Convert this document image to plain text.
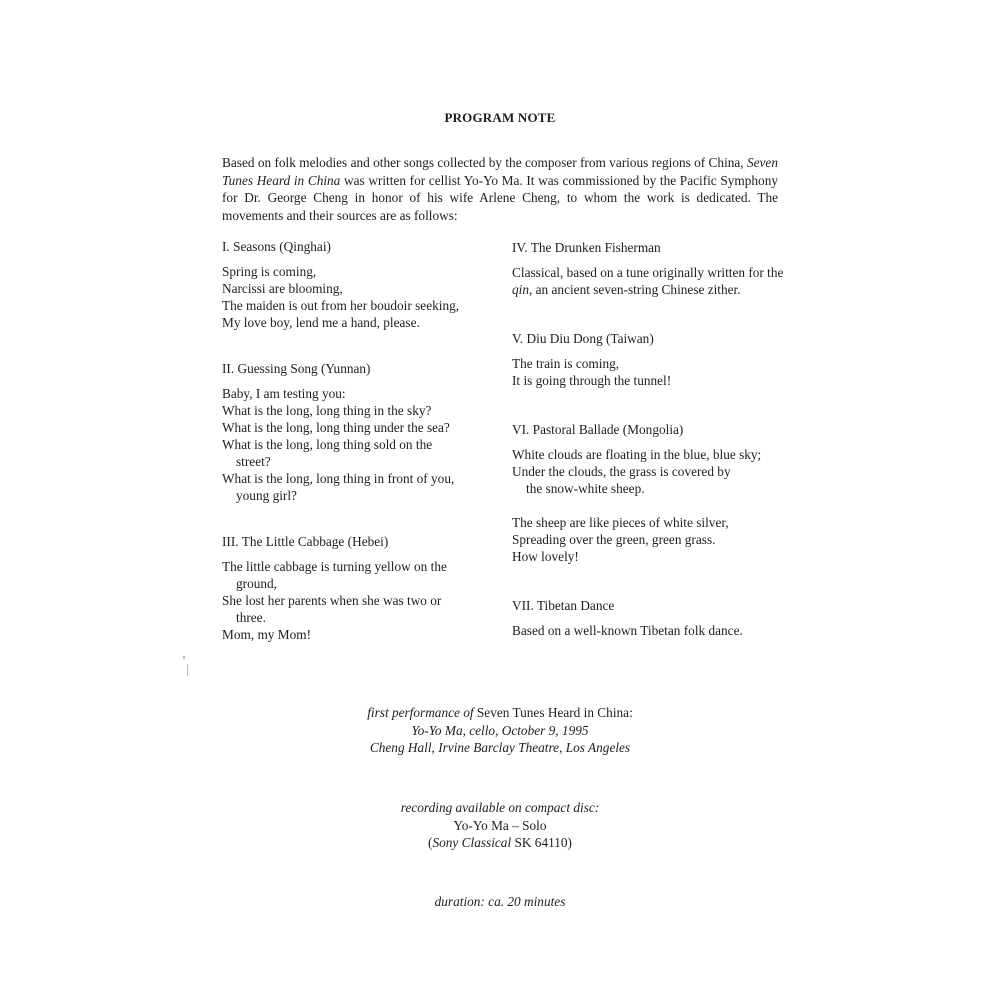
PROGRAM NOTE

Based on folk melodies and other songs collected by the composer from various regions of China, Seven Tunes Heard in China was written for cellist Yo-Yo Ma. It was commissioned by the Pacific Symphony for Dr. George Cheng in honor of his wife Arlene Cheng, to whom the work is dedicated. The movements and their sources are as follows:

I. Seasons (Qinghai)
Spring is coming,
Narcissi are blooming,
The maiden is out from her boudoir seeking,
My love boy, lend me a hand, please.
II. Guessing Song (Yunnan)
Baby, I am testing you:
What is the long, long thing in the sky?
What is the long, long thing under the sea?
What is the long, long thing sold on the
street?
What is the long, long thing in front of you,
young girl?
III. The Little Cabbage (Hebei)
The little cabbage is turning yellow on the
ground,
She lost her parents when she was two or
three.
Mom, my Mom!
IV. The Drunken Fisherman
Classical, based on a tune originally written for the qin, an ancient seven-string Chinese zither.
V. Diu Diu Dong (Taiwan)
The train is coming,
It is going through the tunnel!
VI. Pastoral Ballade (Mongolia)
White clouds are floating in the blue, blue sky;
Under the clouds, the grass is covered by
the snow-white sheep.
The sheep are like pieces of white silver,
Spreading over the green, green grass.
How lovely!
VII. Tibetan Dance
Based on a well-known Tibetan folk dance.
first performance of Seven Tunes Heard in China:
Yo-Yo Ma, cello, October 9, 1995
Cheng Hall, Irvine Barclay Theatre, Los Angeles
recording available on compact disc:
Yo-Yo Ma – Solo
(Sony Classical SK 64110)
duration: ca. 20 minutes
